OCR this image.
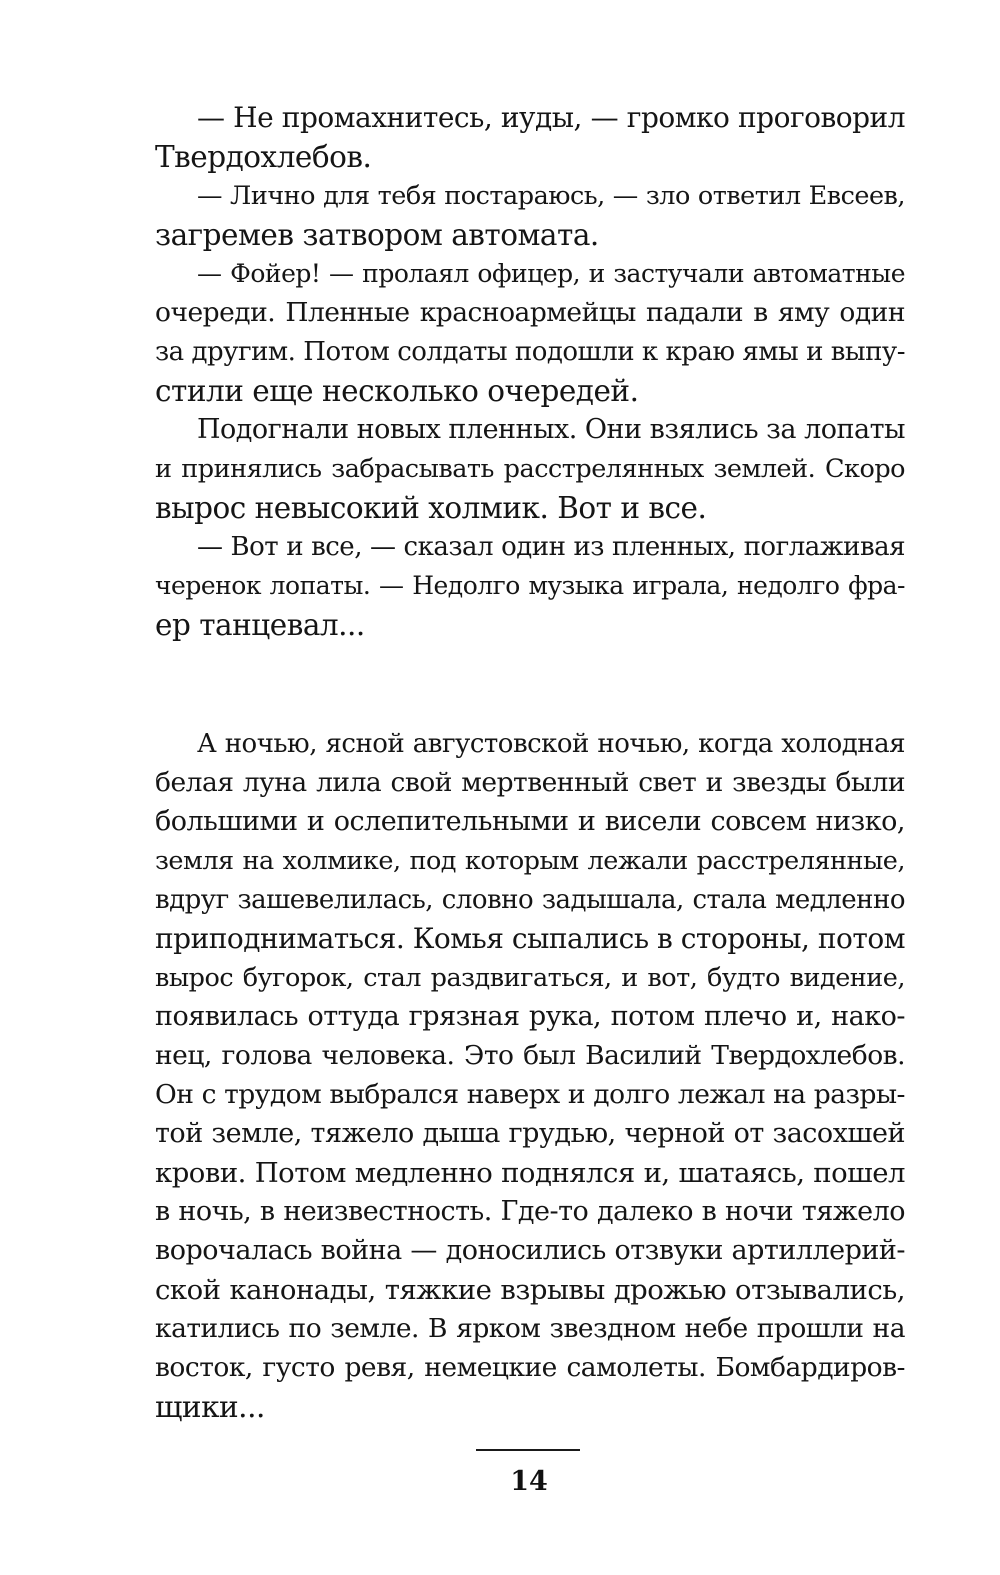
— Не промахнитесь, иуды, — громко проговорил
Твердохлебов.
— Лично для тебя постараюсь, — зло ответил Евсеев,
загремев затвором автомата.
— Фойер! — пролаял офицер, и застучали автоматные
очереди. Пленные красноармейцы падали в яму один
за другим. Потом солдаты подошли к краю ямы и выпу-
стили еще несколько очередей.
Подогнали новых пленных. Они взялись за лопаты
и принялись забрасывать расстрелянных землей. Скоро
вырос невысокий холмик. Вот и все.
— Вот и все, — сказал один из пленных, поглаживая
черенок лопаты. — Недолго музыка играла, недолго фра-
ер танцевал...
А ночью, ясной августовской ночью, когда холодная
белая луна лила свой мертвенный свет и звезды были
большими и ослепительными и висели совсем низко,
земля на холмике, под которым лежали расстрелянные,
вдруг зашевелилась, словно задышала, стала медленно
приподниматься. Комья сыпались в стороны, потом
вырос бугорок, стал раздвигаться, и вот, будто видение,
появилась оттуда грязная рука, потом плечо и, нако-
нец, голова человека. Это был Василий Твердохлебов.
Он с трудом выбрался наверх и долго лежал на разры-
той земле, тяжело дыша грудью, черной от засохшей
крови. Потом медленно поднялся и, шатаясь, пошел
в ночь, в неизвестность. Где-то далеко в ночи тяжело
ворочалась война — доносились отзвуки артиллерий-
ской канонады, тяжкие взрывы дрожью отзывались,
катились по земле. В ярком звездном небе прошли на
восток, густо ревя, немецкие самолеты. Бомбардиров-
щики...
14
